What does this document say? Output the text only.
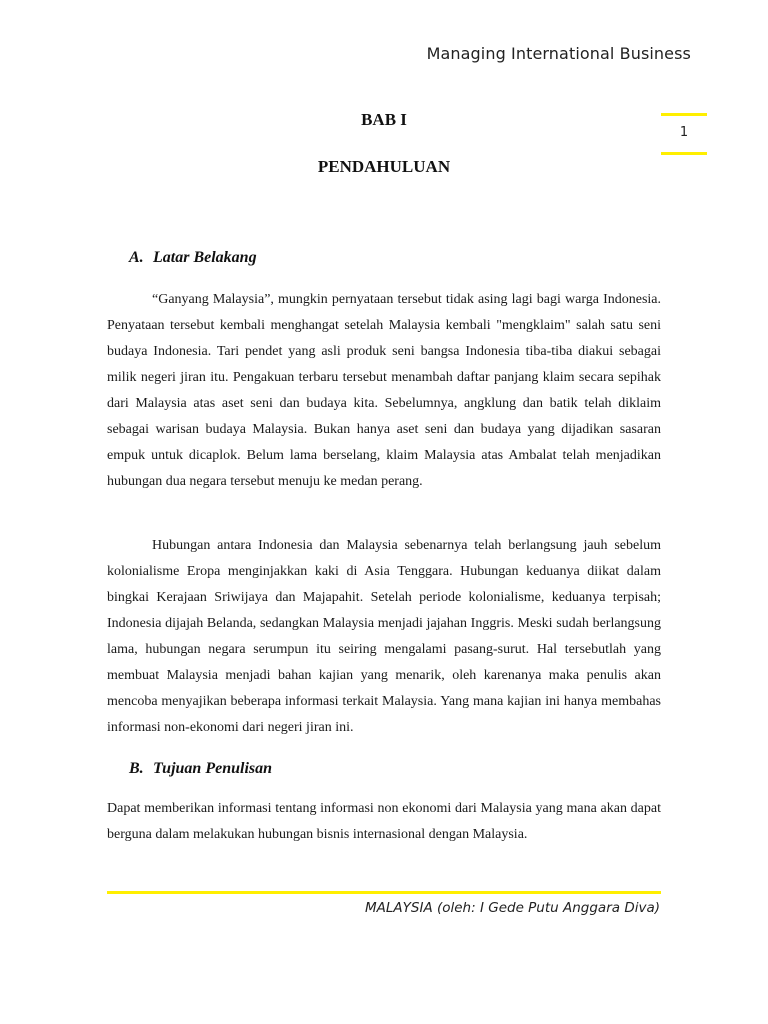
Managing International Business
1
BAB I
PENDAHULUAN
A. Latar Belakang

“Ganyang Malaysia”, mungkin pernyataan tersebut tidak asing lagi bagi warga Indonesia. Penyataan tersebut kembali menghangat setelah Malaysia kembali "mengklaim" salah satu seni budaya Indonesia. Tari pendet yang asli produk seni bangsa Indonesia tiba-tiba diakui sebagai milik negeri jiran itu. Pengakuan terbaru tersebut menambah daftar panjang klaim secara sepihak dari Malaysia atas aset seni dan budaya kita. Sebelumnya, angklung dan batik telah diklaim sebagai warisan budaya Malaysia. Bukan hanya aset seni dan budaya yang dijadikan sasaran empuk untuk dicaplok. Belum lama berselang, klaim Malaysia atas Ambalat telah menjadikan hubungan dua negara tersebut menuju ke medan perang.

Hubungan antara Indonesia dan Malaysia sebenarnya telah berlangsung jauh sebelum kolonialisme Eropa menginjakkan kaki di Asia Tenggara. Hubungan keduanya diikat dalam bingkai Kerajaan Sriwijaya dan Majapahit. Setelah periode kolonialisme, keduanya terpisah; Indonesia dijajah Belanda, sedangkan Malaysia menjadi jajahan Inggris. Meski sudah berlangsung lama, hubungan negara serumpun itu seiring mengalami pasang-surut. Hal tersebutlah yang membuat Malaysia menjadi bahan kajian yang menarik, oleh karenanya maka penulis akan mencoba menyajikan beberapa informasi terkait Malaysia. Yang mana kajian ini hanya membahas informasi non-ekonomi dari negeri jiran ini.

B. Tujuan Penulisan

Dapat memberikan informasi tentang informasi non ekonomi dari Malaysia yang mana akan dapat berguna dalam melakukan hubungan bisnis internasional dengan Malaysia.

MALAYSIA (oleh: I Gede Putu Anggara Diva)
